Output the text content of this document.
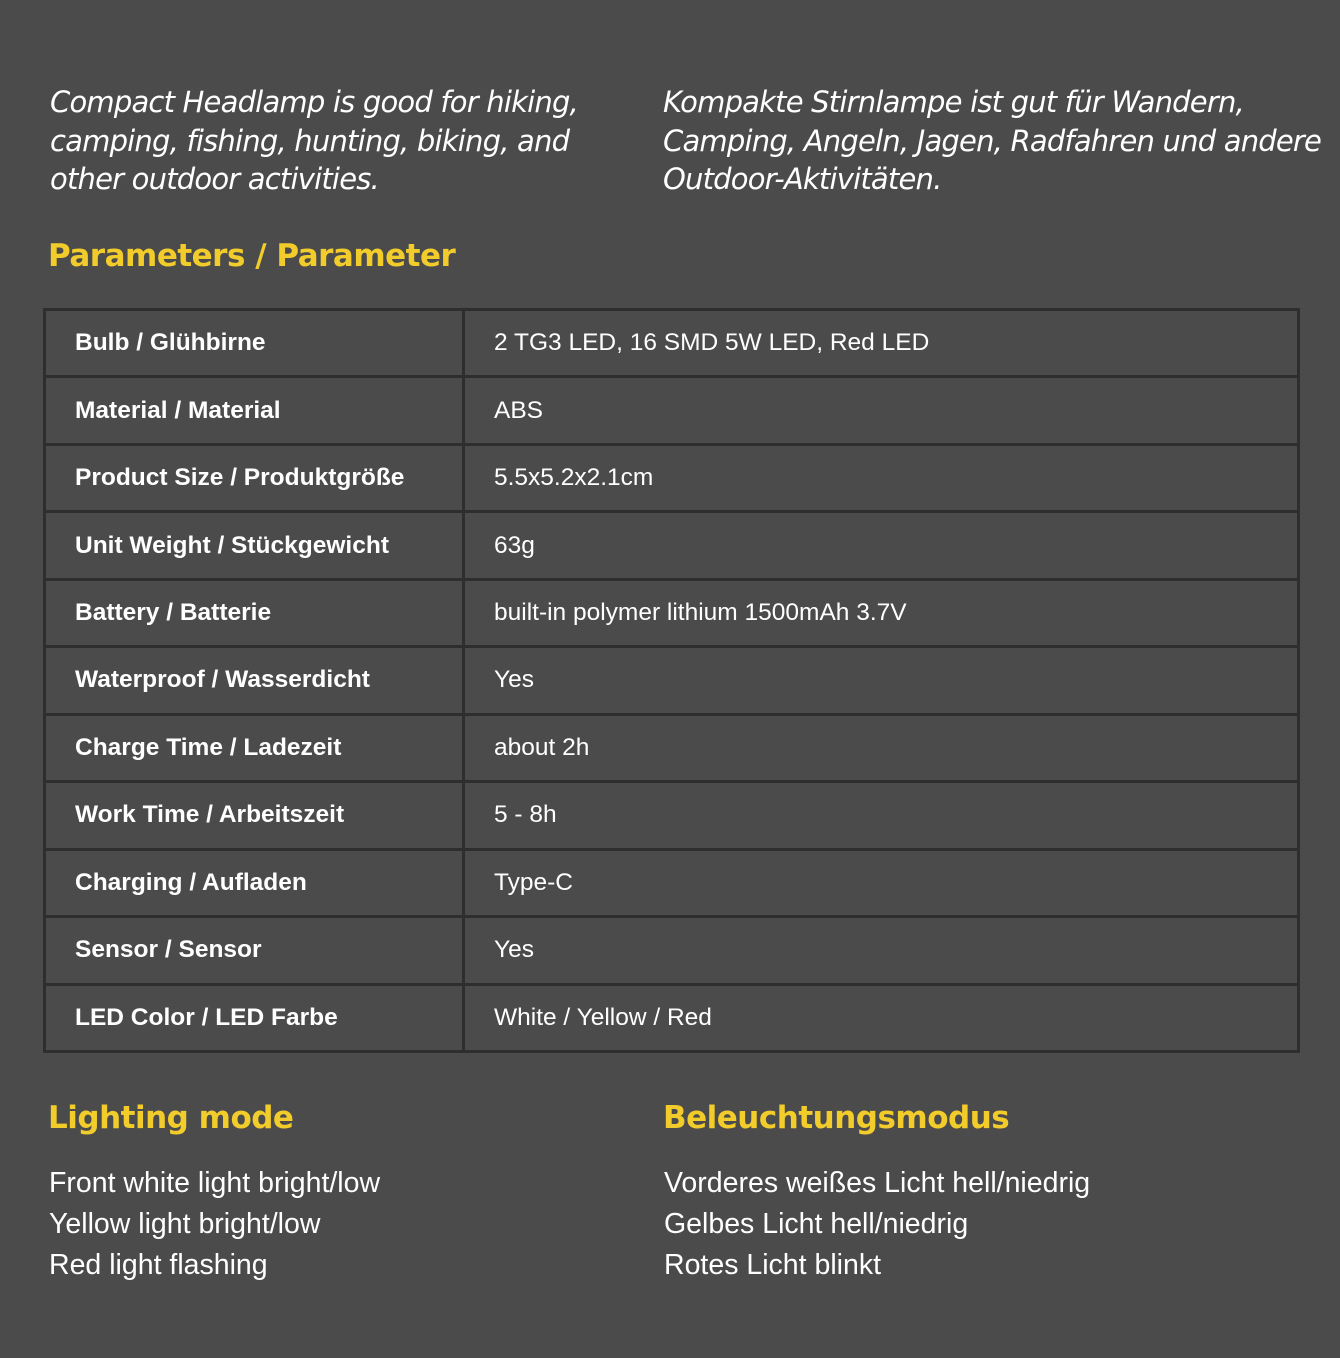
Compact Headlamp is good for hiking, camping, fishing, hunting, biking, and other outdoor activities.

Kompakte Stirnlampe ist gut für Wandern, Camping, Angeln, Jagen, Radfahren und andere Outdoor-Aktivitäten.

Parameters / Parameter
Bulb / Glühbirne	2 TG3 LED, 16 SMD 5W LED, Red LED
Material / Material	ABS
Product Size / Produktgröße	5.5x5.2x2.1cm
Unit Weight / Stückgewicht	63g
Battery / Batterie	built-in polymer lithium 1500mAh 3.7V
Waterproof / Wasserdicht	Yes
Charge Time / Ladezeit	about 2h
Work Time / Arbeitszeit	5 - 8h
Charging / Aufladen	Type-C
Sensor / Sensor	Yes
LED Color / LED Farbe	White / Yellow / Red
Lighting mode	Beleuchtungsmodus
Front white light bright/low
Yellow light bright/low
Red light flashing
Vorderes weißes Licht hell/niedrig
Gelbes Licht hell/niedrig
Rotes Licht blinkt
